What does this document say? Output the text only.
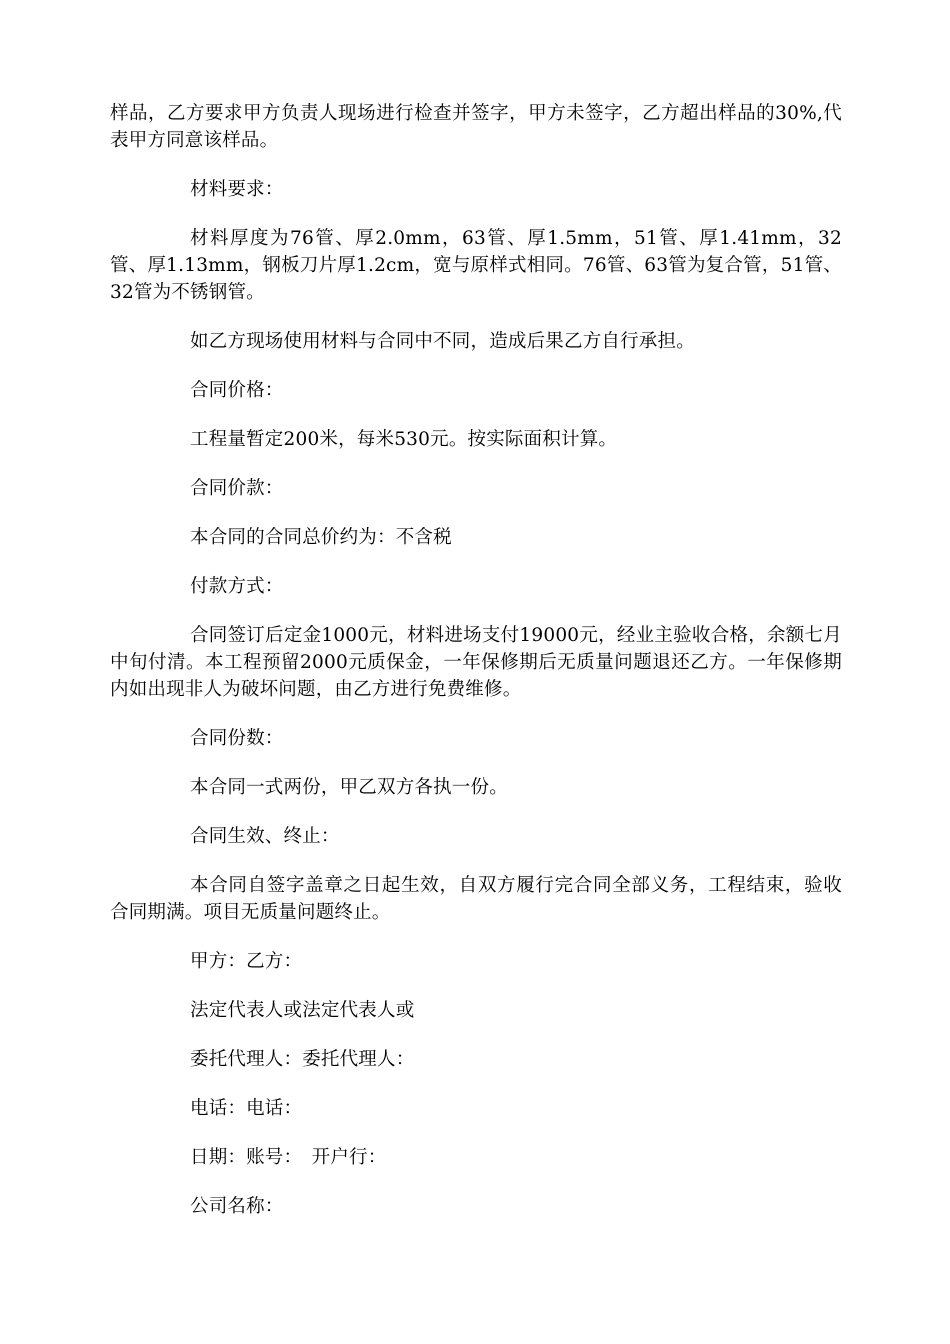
样品，乙方要求甲方负责人现场进行检查并签字，甲方未签字，乙方超出样品的30%,代表甲方同意该样品。

材料要求：

材料厚度为76管、厚2.0mm，63管、厚1.5mm，51管、厚1.41mm，32管、厚1.13mm，钢板刀片厚1.2cm，宽与原样式相同。76管、63管为复合管，51管、32管为不锈钢管。

如乙方现场使用材料与合同中不同，造成后果乙方自行承担。

合同价格：

工程量暂定200米，每米530元。按实际面积计算。

合同价款：

本合同的合同总价约为：不含税

付款方式：

合同签订后定金1000元，材料进场支付19000元，经业主验收合格，余额七月中旬付清。本工程预留2000元质保金，一年保修期后无质量问题退还乙方。一年保修期内如出现非人为破坏问题，由乙方进行免费维修。

合同份数：

本合同一式两份，甲乙双方各执一份。

合同生效、终止：

本合同自签字盖章之日起生效，自双方履行完合同全部义务，工程结束，验收合同期满。项目无质量问题终止。

甲方：乙方：

法定代表人或法定代表人或

委托代理人：委托代理人：

电话：电话：

日期：账号：　开户行：

公司名称：
